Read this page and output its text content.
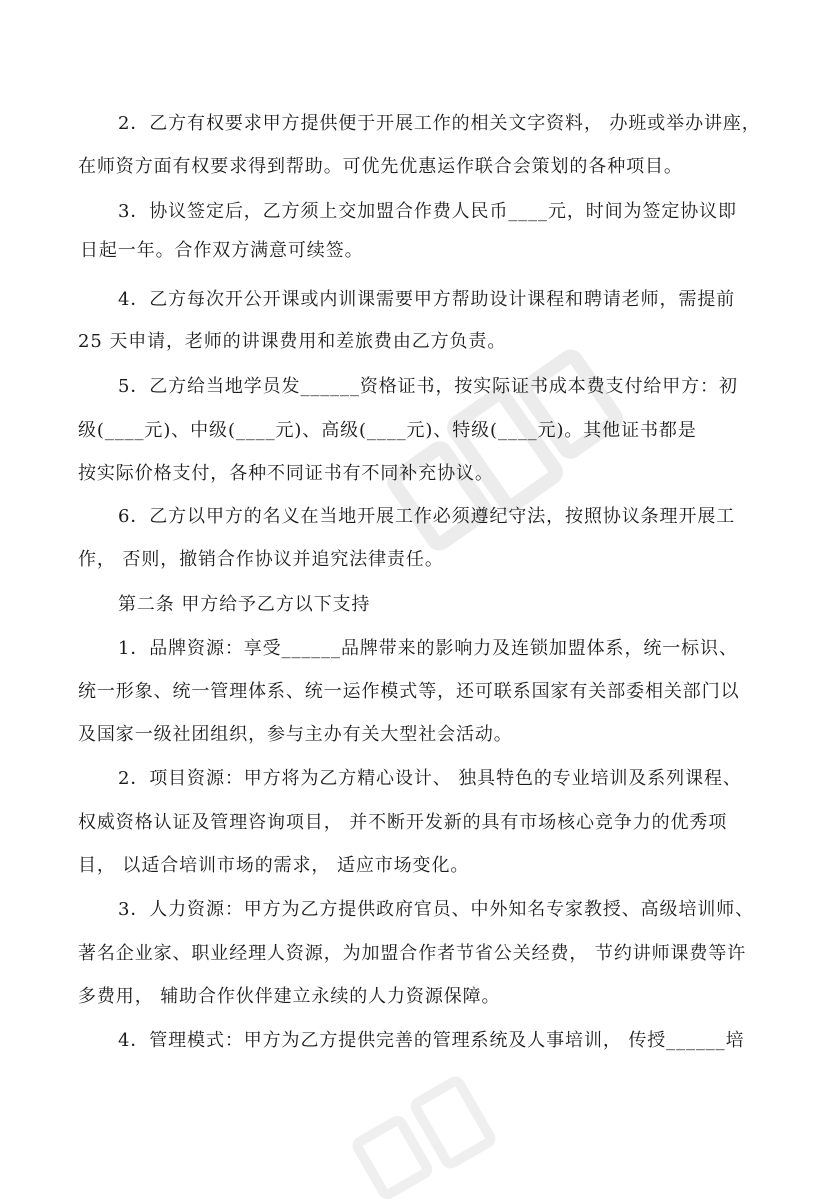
2．乙方有权要求甲方提供便于开展工作的相关文字资料， 办班或举办讲座，
在师资方面有权要求得到帮助。可优先优惠运作联合会策划的各种项目。
3．协议签定后，乙方须上交加盟合作费人民币____元，时间为签定协议即
日起一年。合作双方满意可续签。
4．乙方每次开公开课或内训课需要甲方帮助设计课程和聘请老师，需提前
25 天申请，老师的讲课费用和差旅费由乙方负责。
5．乙方给当地学员发______资格证书，按实际证书成本费支付给甲方：初
级(____元)、中级(____元)、高级(____元)、特级(____元)。其他证书都是
按实际价格支付，各种不同证书有不同补充协议。
6．乙方以甲方的名义在当地开展工作必须遵纪守法，按照协议条理开展工
作， 否则，撤销合作协议并追究法律责任。
第二条 甲方给予乙方以下支持
1．品牌资源：享受______品牌带来的影响力及连锁加盟体系，统一标识、
统一形象、统一管理体系、统一运作模式等，还可联系国家有关部委相关部门以
及国家一级社团组织，参与主办有关大型社会活动。
2．项目资源：甲方将为乙方精心设计、 独具特色的专业培训及系列课程、
权威资格认证及管理咨询项目， 并不断开发新的具有市场核心竞争力的优秀项
目， 以适合培训市场的需求， 适应市场变化。
3．人力资源：甲方为乙方提供政府官员、中外知名专家教授、高级培训师、
著名企业家、职业经理人资源，为加盟合作者节省公关经费， 节约讲师课费等许
多费用， 辅助合作伙伴建立永续的人力资源保障。
4．管理模式：甲方为乙方提供完善的管理系统及人事培训， 传授______培
